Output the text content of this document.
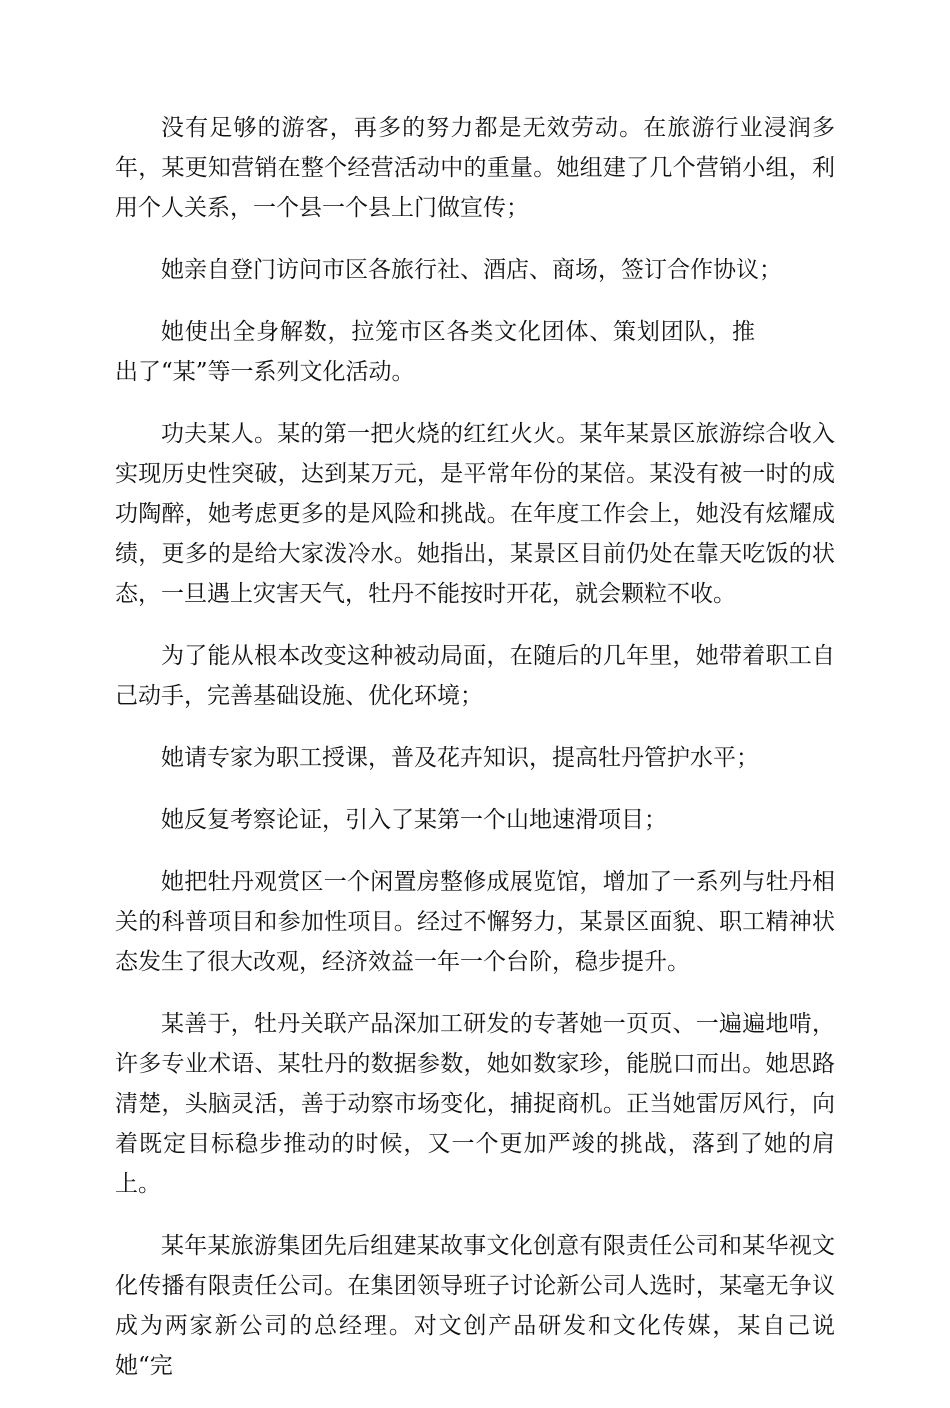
没有足够的游客，再多的努力都是无效劳动。在旅游行业浸润多年，某更知营销在整个经营活动中的重量。她组建了几个营销小组，利用个人关系，一个县一个县上门做宣传；

她亲自登门访问市区各旅行社、酒店、商场，签订合作协议；

她使出全身解数，拉笼市区各类文化团体、策划团队，推出了“某”等一系列文化活动。

功夫某人。某的第一把火烧的红红火火。某年某景区旅游综合收入实现历史性突破，达到某万元，是平常年份的某倍。某没有被一时的成功陶醉，她考虑更多的是风险和挑战。在年度工作会上，她没有炫耀成绩，更多的是给大家泼冷水。她指出，某景区目前仍处在靠天吃饭的状态，一旦遇上灾害天气，牡丹不能按时开花，就会颗粒不收。

为了能从根本改变这种被动局面，在随后的几年里，她带着职工自己动手，完善基础设施、优化环境；

她请专家为职工授课，普及花卉知识，提高牡丹管护水平；

她反复考察论证，引入了某第一个山地速滑项目；

她把牡丹观赏区一个闲置房整修成展览馆，增加了一系列与牡丹相关的科普项目和参加性项目。经过不懈努力，某景区面貌、职工精神状态发生了很大改观，经济效益一年一个台阶，稳步提升。

某善于，牡丹关联产品深加工研发的专著她一页页、一遍遍地啃，许多专业术语、某牡丹的数据参数，她如数家珍，能脱口而出。她思路清楚，头脑灵活，善于动察市场变化，捕捉商机。正当她雷厉风行，向着既定目标稳步推动的时候，又一个更加严竣的挑战，落到了她的肩上。

某年某旅游集团先后组建某故事文化创意有限责任公司和某华视文化传播有限责任公司。在集团领导班子讨论新公司人选时，某毫无争议成为两家新公司的总经理。对文创产品研发和文化传媒，某自己说她“完
